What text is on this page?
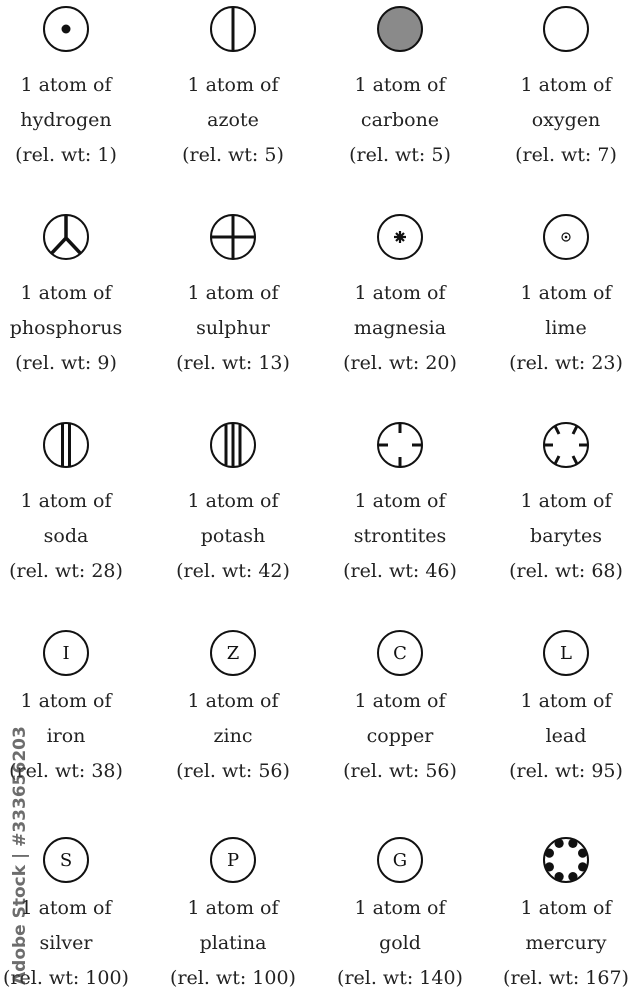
1 atom of
hydrogen
(rel. wt: 1)
1 atom of
azote
(rel. wt: 5)
1 atom of
carbone
(rel. wt: 5)
1 atom of
oxygen
(rel. wt: 7)
1 atom of
phosphorus
(rel. wt: 9)
1 atom of
sulphur
(rel. wt: 13)
1 atom of
magnesia
(rel. wt: 20)
1 atom of
lime
(rel. wt: 23)
1 atom of
soda
(rel. wt: 28)
1 atom of
potash
(rel. wt: 42)
1 atom of
strontites
(rel. wt: 46)
1 atom of
barytes
(rel. wt: 68)
I
1 atom of
iron
(rel. wt: 38)
Z
1 atom of
zinc
(rel. wt: 56)
C
1 atom of
copper
(rel. wt: 56)
L
1 atom of
lead
(rel. wt: 95)
S
1 atom of
silver
(rel. wt: 100)
P
1 atom of
platina
(rel. wt: 100)
G
1 atom of
gold
(rel. wt: 140)
1 atom of
mercury
(rel. wt: 167)
Adobe Stock | #333656203
